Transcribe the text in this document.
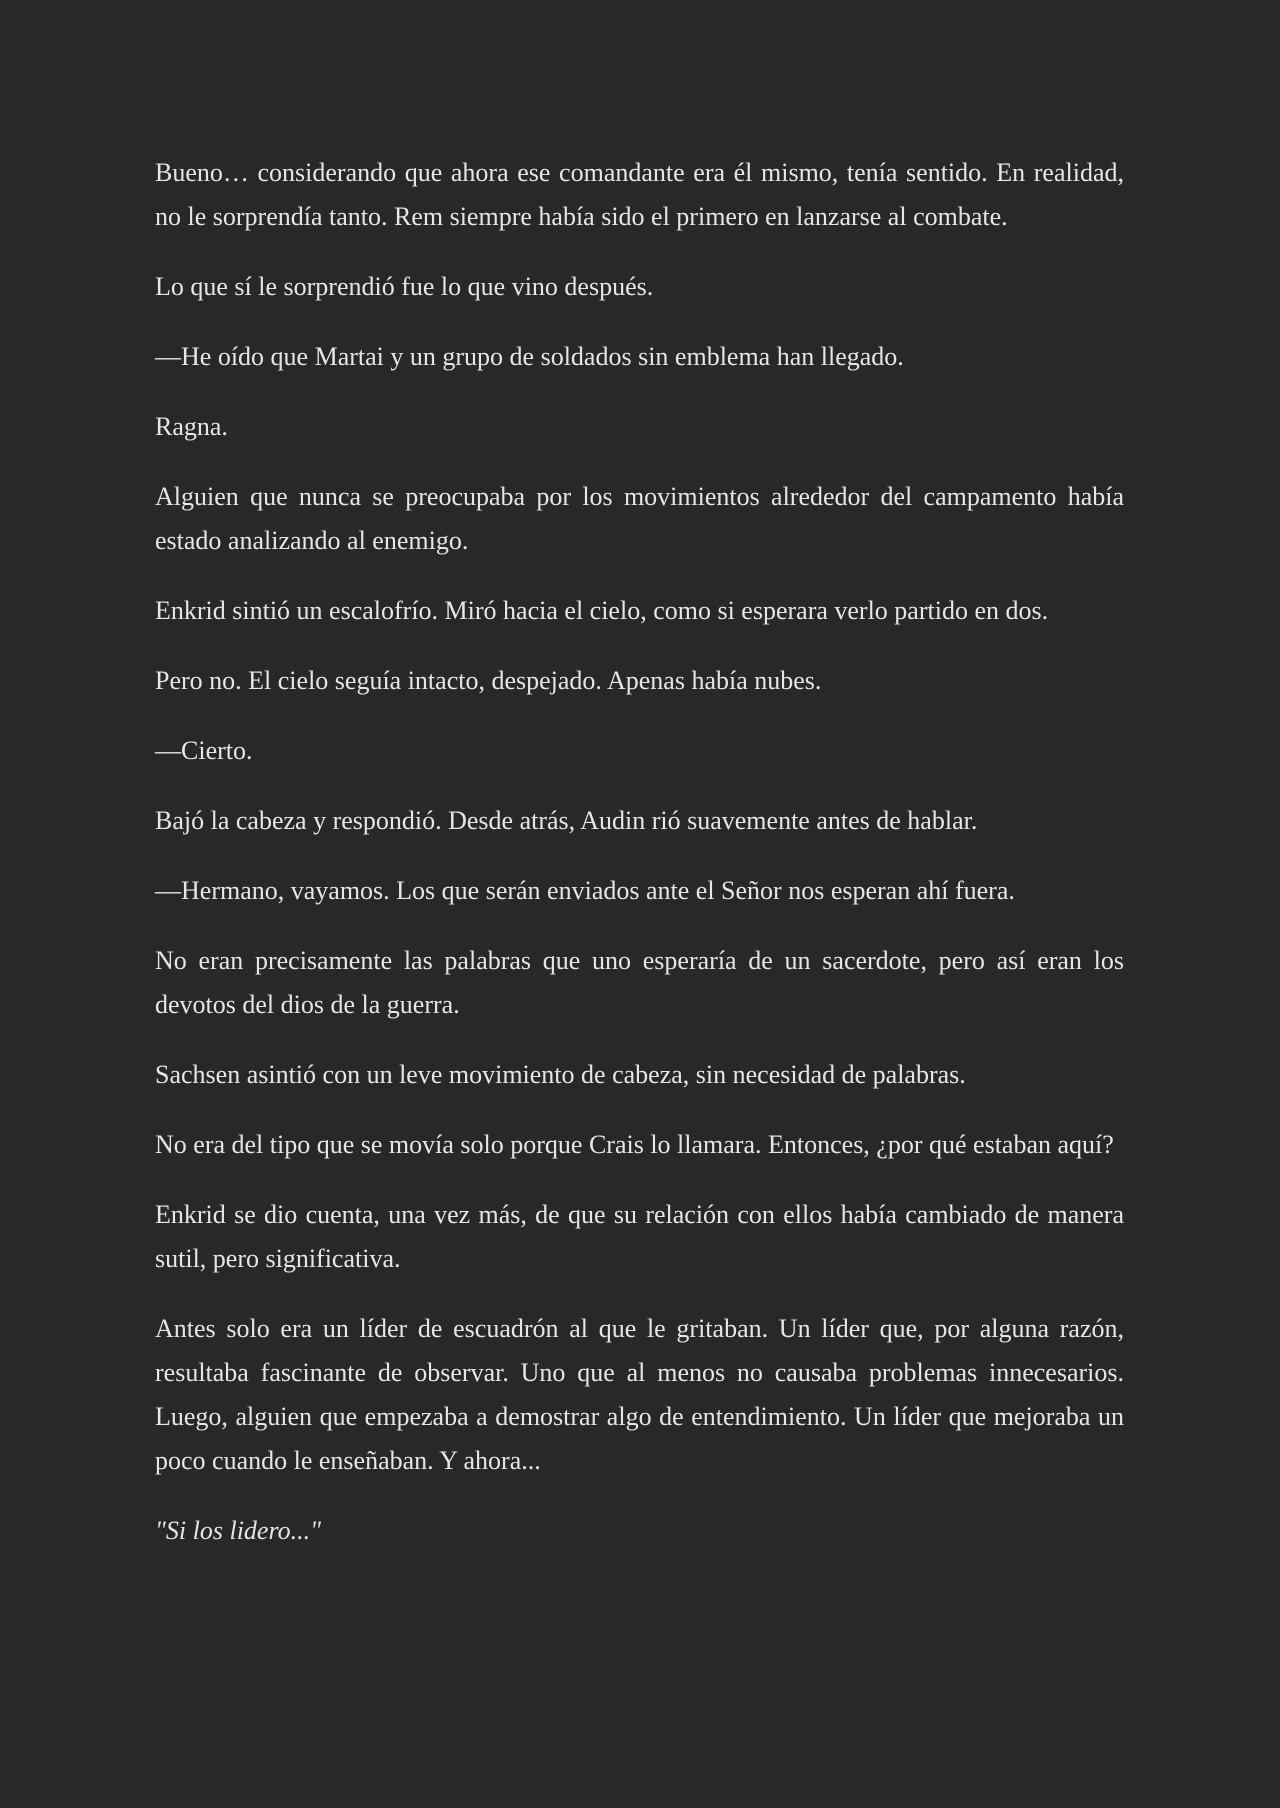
Bueno… considerando que ahora ese comandante era él mismo, tenía sentido. En realidad, no le sorprendía tanto. Rem siempre había sido el primero en lanzarse al combate.

Lo que sí le sorprendió fue lo que vino después.

—He oído que Martai y un grupo de soldados sin emblema han llegado.

Ragna.

Alguien que nunca se preocupaba por los movimientos alrededor del campamento había estado analizando al enemigo.

Enkrid sintió un escalofrío. Miró hacia el cielo, como si esperara verlo partido en dos.

Pero no. El cielo seguía intacto, despejado. Apenas había nubes.

—Cierto.

Bajó la cabeza y respondió. Desde atrás, Audin rió suavemente antes de hablar.

—Hermano, vayamos. Los que serán enviados ante el Señor nos esperan ahí fuera.

No eran precisamente las palabras que uno esperaría de un sacerdote, pero así eran los devotos del dios de la guerra.

Sachsen asintió con un leve movimiento de cabeza, sin necesidad de palabras.

No era del tipo que se movía solo porque Crais lo llamara. Entonces, ¿por qué estaban aquí?

Enkrid se dio cuenta, una vez más, de que su relación con ellos había cambiado de manera sutil, pero significativa.

Antes solo era un líder de escuadrón al que le gritaban. Un líder que, por alguna razón, resultaba fascinante de observar. Uno que al menos no causaba problemas innecesarios. Luego, alguien que empezaba a demostrar algo de entendimiento. Un líder que mejoraba un poco cuando le enseñaban. Y ahora...

"Si los lidero..."
